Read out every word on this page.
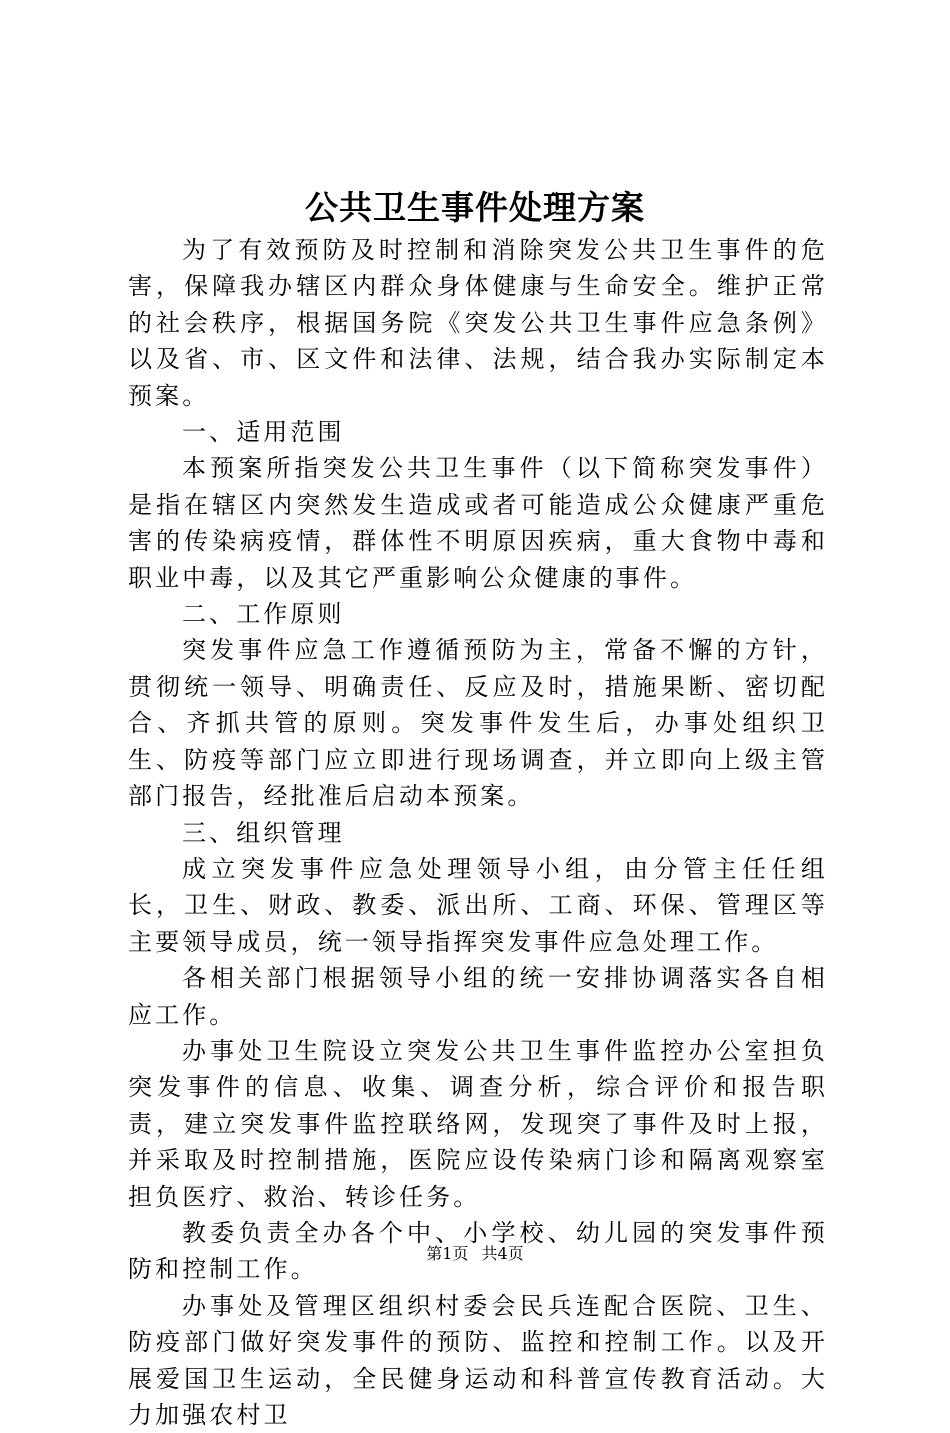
公共卫生事件处理方案

为了有效预防及时控制和消除突发公共卫生事件的危害，保障我办辖区内群众身体健康与生命安全。维护正常的社会秩序，根据国务院《突发公共卫生事件应急条例》以及省、市、区文件和法律、法规，结合我办实际制定本预案。

一、适用范围

本预案所指突发公共卫生事件（以下简称突发事件）是指在辖区内突然发生造成或者可能造成公众健康严重危害的传染病疫情，群体性不明原因疾病，重大食物中毒和职业中毒，以及其它严重影响公众健康的事件。

二、工作原则

突发事件应急工作遵循预防为主，常备不懈的方针，贯彻统一领导、明确责任、反应及时，措施果断、密切配合、齐抓共管的原则。突发事件发生后，办事处组织卫生、防疫等部门应立即进行现场调查，并立即向上级主管部门报告，经批准后启动本预案。

三、组织管理

成立突发事件应急处理领导小组，由分管主任任组长，卫生、财政、教委、派出所、工商、环保、管理区等主要领导成员，统一领导指挥突发事件应急处理工作。

各相关部门根据领导小组的统一安排协调落实各自相应工作。

办事处卫生院设立突发公共卫生事件监控办公室担负突发事件的信息、收集、调查分析，综合评价和报告职责，建立突发事件监控联络网，发现突了事件及时上报，并采取及时控制措施，医院应设传染病门诊和隔离观察室担负医疗、救治、转诊任务。

教委负责全办各个中、小学校、幼儿园的突发事件预防和控制工作。

办事处及管理区组织村委会民兵连配合医院、卫生、防疫部门做好突发事件的预防、监控和控制工作。以及开展爱国卫生运动，全民健身运动和科普宣传教育活动。大力加强农村卫

第1页 共4页
